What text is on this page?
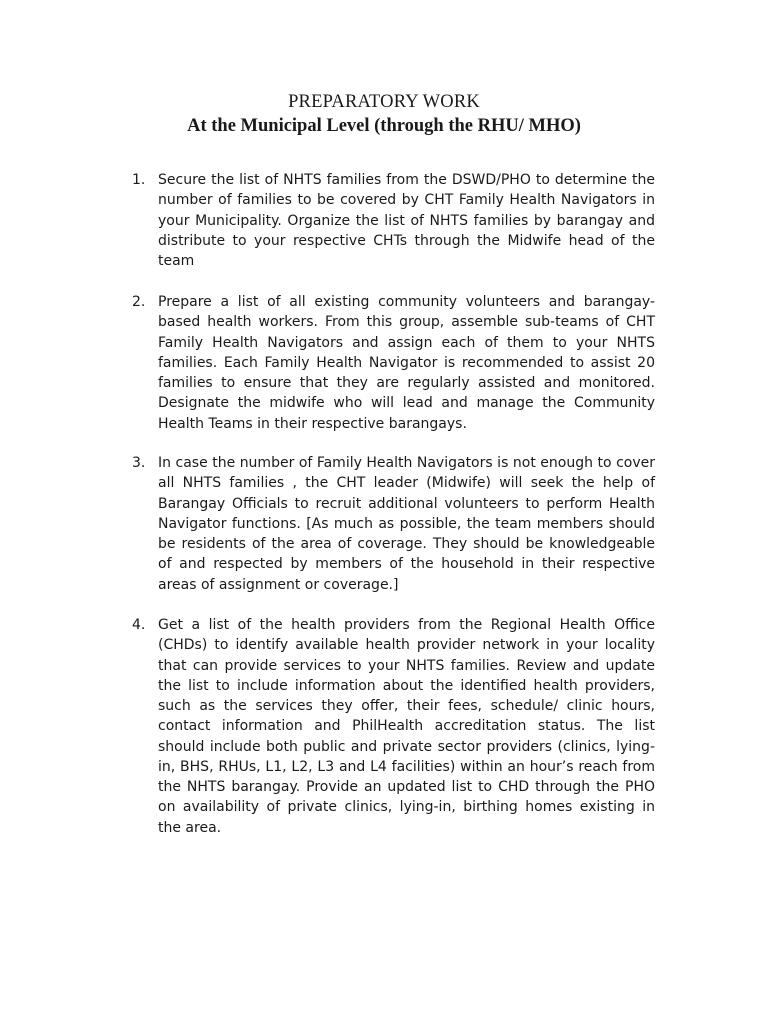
PREPARATORY WORK
At the Municipal Level (through the RHU/ MHO)
1. Secure the list of NHTS families from the DSWD/PHO to determine the number of families to be covered by CHT Family Health Navigators in your Municipality. Organize the list of NHTS families by barangay and distribute to your respective CHTs through the Midwife head of the team
2. Prepare a list of all existing community volunteers and barangay-based health workers. From this group, assemble sub-teams of CHT Family Health Navigators and assign each of them to your NHTS families. Each Family Health Navigator is recommended to assist 20 families to ensure that they are regularly assisted and monitored. Designate the midwife who will lead and manage the Community Health Teams in their respective barangays.
3. In case the number of Family Health Navigators is not enough to cover all NHTS families , the CHT leader (Midwife) will seek the help of Barangay Officials to recruit additional volunteers to perform Health Navigator functions. [As much as possible, the team members should be residents of the area of coverage. They should be knowledgeable of and respected by members of the household in their respective areas of assignment or coverage.]
4. Get a list of the health providers from the Regional Health Office (CHDs) to identify available health provider network in your locality that can provide services to your NHTS families. Review and update the list to include information about the identified health providers, such as the services they offer, their fees, schedule/ clinic hours, contact information and PhilHealth accreditation status. The list should include both public and private sector providers (clinics, lying-in, BHS, RHUs, L1, L2, L3 and L4 facilities) within an hour’s reach from the NHTS barangay. Provide an updated list to CHD through the PHO on availability of private clinics, lying-in, birthing homes existing in the area.
